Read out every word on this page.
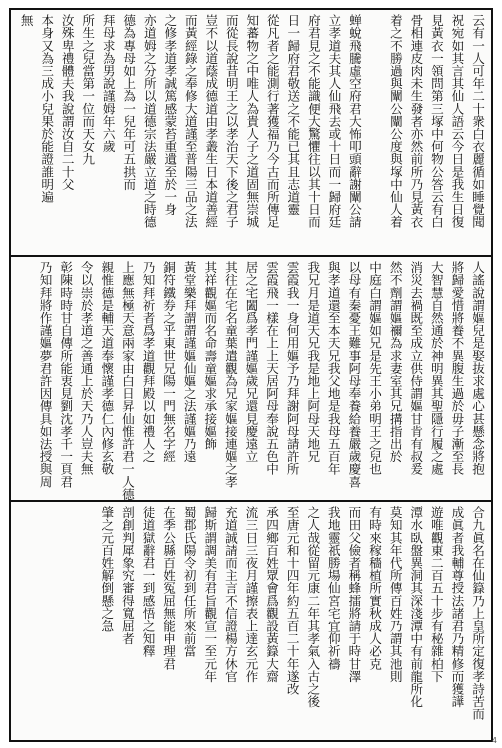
云有一人可年二十衆白衣麗循如睡覺聞
祝宛如其言其仙人語云今日是我生日復
見黃衣一領問第三塚中何物公答云有白
骨相連皮肉未生發者亦然前所乃見黃衣
着之不勝過與闡公闡公度與塚中仙人着
蝉蛻飛騰虛空府君大怖叩頭辭謝闡公請
立孝道夫其人仙飛去或十日而一歸府廷
府君見之不能識便大驚懼往以其十日而
日一歸府君敬送之不能已其且志道靈
從凡者之能測行著獲福乃今古而所傳足
知蕃物之中唯人為貴人子之道固無崇城
而從長說昔明王之以孝治天下後之君子
豈不以道蔭成德道由孝叢生日本道善經
而黃經錄之奉修大道謹至普陽三品之法
之修孝道孝誠篤感蒙苔重遺至於一身
亦道姆之分所以道德宗法嚴立道之時德
德為專母如上為一兒年可五拱而
拜母求為男說謹姆年六歲
所生之兒當第一位而天女九
汝殊卑禮體夫我說謂汝自二十父
本身又為三成小兒果於能證誰明遍
無
人謠說謂嫗兒是娶抜求處心甚懸念將抱
將歸愛惜將養不異腹生過於毋子漸至長
大智慧自然通於神明異其聖隱行履之處
消災去禍既至成立供侍謂嫗甘肯有叔爰
然不劑謂嫗禰為求妻室其兄搆指出於
中庭白謂嫗如兄是先王小弟明王之兒也
以母有秦憂王難事阿母奉養給養嚴歲慶喜
與孝道還至本天兄我父地是我母五百年
我兄月是道天兄我是地上阿母天地兄
雲霞我一身何用嫗予乃拜謝阿母請許所
雲霞飛一樣在上上天居阿母奉說五色中
居之宅闔爲孝門謹嫗歲兄還見慶遠立
其往在宅名童葉遣觀為兄家嫗接連嫗之孝
其祥觀嫗而名命壽童嫗求承接嫗飾
黃堂樂拜謂謂謹嫗仙嫗之法謹嫗乃遠
銅符鐵券之乎東世兄陽一門無名字經
乃知拜祈者爲孝道觀拜殿以如禮人之
上應無極天意兩家由白日昇仙惟許君一人德
親惟德是輔天道奉懷謹孝德仁內修玄敬
令以崇於孝道之善通上於天乃人豈夫無
彰陳時時甘自傳所能衷見劉沈孝千一頁君
乃知拜將作謹嫗夢君許因傳具如法授與周
合九眞名在仙籙乃上皇所定復孝詩苦而
成眞者我輔尊授法諸君乃精修而獲譁
遊唯觀東二百五十步有秘雜柏下
潭水臥盤異洞其深淺潭中有前龍所化
莫知其年代所傳百姓乃謂其池則
有時來稼穡植所實秋成人必克
而田父儉者稱蜂擂將請于時甘澤
我地靈祇勝場仙宮宅宜仰祈禱
之人哉從留元康二年其孝氣入古之後
至唐元和十四年約五百二十年遂改
承四鄉百姓眾會爲觀設黃籙大齋
流三日三夜月謹擦表上達玄元作
充道誠請而主言不信證楊方休官
歸斯謂調美有君旨觀宣一至元年
蜀郡氏陽令初到任所來前當
在季公縣百姓冤屈無能申理君
徒道獄辭君一到感悟之知釋
剖創判犀象究審得寬屈者
肇之元百姓解倒懸之急
4
